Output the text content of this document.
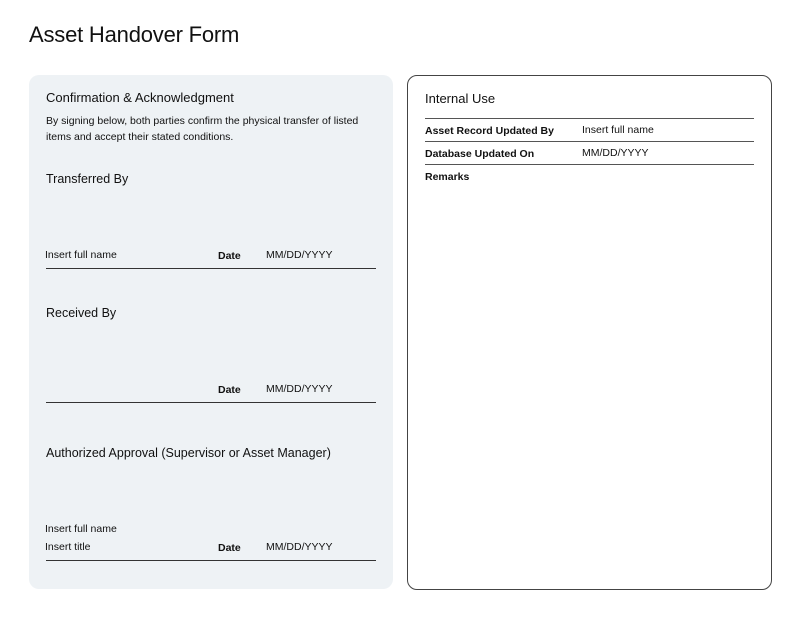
Asset Handover Form
Confirmation & Acknowledgment
By signing below, both parties confirm the physical transfer of listed items and accept their stated conditions.
Transferred By
Insert full name	Date MM/DD/YYYY
Received By
Date MM/DD/YYYY
Authorized Approval (Supervisor or Asset Manager)
Insert full name
Insert title	Date MM/DD/YYYY
Internal Use
Asset Record Updated By	Insert full name
Database Updated On	MM/DD/YYYY
Remarks
